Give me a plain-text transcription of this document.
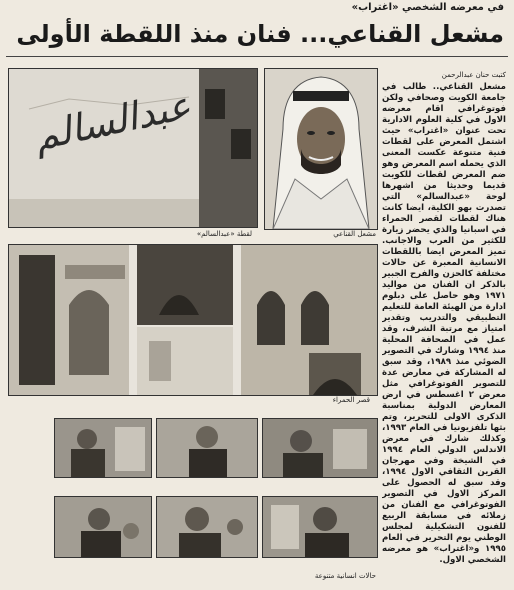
في معرضه الشخصي «اغتراب»
مشعل القناعي... فنان منذ اللقطة الأولى
كتبت حنان عبدالرحمن
مشعل القناعي.. طالب في جامعة الكويت وصحافي ولكن فوتوغرافي اقام معرضه الاول في كلية العلوم الادارية تحت عنوان «اغتراب» حيث اشتمل المعرض على لقطات فنية متنوعة عكست المعنى الذي يحمله اسم المعرض وهو ضم المعرض لقطات للكويت قديما وحديثا من اشهرها لوحة «عبدالسالم» التي تصدرت بهو الكلية، ايضا كانت هناك لقطات لقصر الحمراء في اسبانيا والذي يحضر زيارة للكثير من العرب والاجانب. تميز المعرض ايضا باللقطات الانسانية المعبرة عن حالات مختلفة كالحزن والفرح الجبير بالذكر ان الفنان من مواليد ١٩٧١ وهو حاصل على دبلوم ادارة من الهيئة العامة للتعليم التطبيقي والتدريب وتقدير امتياز مع مرتبة الشرف، وقد عمل في الصحافة المحلية منذ ١٩٩٤ وشارك في التصوير الضوئي منذ ١٩٨٩، وقد سبق له المشاركة في معارض عدة للتصوير الفوتوغرافي مثل معرض ٢ اغسطس في ارض المعارض الدولية بمناسبة الذكرى الاولى للتحرير، وتم بثها تلفزيونيا في العام ١٩٩٣، وكذلك شارك في معرض الاندلس الدولي العام ١٩٩٤ في الشيخة وفي مهرجان القرين الثقافي الاول ١٩٩٤، وقد سبق له الحصول على المركز الاول في التصوير الفوتوغرافي مع الفنان من زملائه في مسابقة الربيع للفنون التشكيلية لمجلس الوطني يوم التحرير في العام ١٩٩٥ و«اغتراب» هو معرضه الشخصي الاول.
مشعل القناعي
عبدالسالم
لقطة «عبدالسالم»
قصر الحمراء
حالات انسانية متنوعة
